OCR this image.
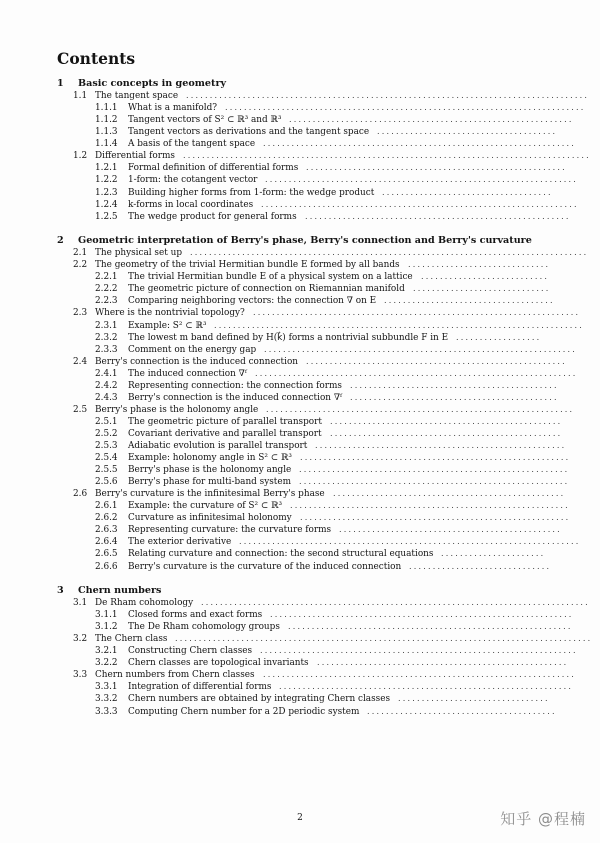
Contents
1 Basic concepts in geometry
1.1 The tangent space .....................................................................................
1.1.1 What is a manifold? ............................................................................
1.1.2 Tangent vectors of S² ⊂ ℝ³ and ℝ³ ............................................................
1.1.3 Tangent vectors as derivations and the tangent space ......................................
1.1.4 A basis of the tangent space ..................................................................
1.2 Differential forms ......................................................................................
1.2.1 Formal definition of differential forms .......................................................
1.2.2 1-form: the cotangent vector ..................................................................
1.2.3 Building higher forms from 1-form: the wedge product ....................................
1.2.4 k-forms in local coordinates ...................................................................
1.2.5 The wedge product for general forms ........................................................
2 Geometric interpretation of Berry's phase, Berry's connection and Berry's curvature
2.1 The physical set up ....................................................................................
2.2 The geometry of the trivial Hermitian bundle E formed by all bands ..............................
2.2.1 The trivial Hermitian bundle E of a physical system on a lattice ...........................
2.2.2 The geometric picture of connection on Riemannian manifold .............................
2.2.3 Comparing neighboring vectors: the connection ∇ on E ....................................
2.3 Where is the nontrivial topology? .....................................................................
2.3.1 Example: S² ⊂ ℝ³ ..............................................................................
2.3.2 The lowest m band defined by H(k⃗) forms a nontrivial subbundle F in E ..................
2.3.3 Comment on the energy gap ..................................................................
2.4 Berry's connection is the induced connection .......................................................
2.4.1 The induced connection ∇ᶠ ....................................................................
2.4.2 Representing connection: the connection forms ............................................
2.4.3 Berry's connection is the induced connection ∇ᶠ ............................................
2.5 Berry's phase is the holonomy angle .................................................................
2.5.1 The geometric picture of parallel transport .................................................
2.5.2 Covariant derivative and parallel transport .................................................
2.5.3 Adiabatic evolution is parallel transport .....................................................
2.5.4 Example: holonomy angle in S² ⊂ ℝ³ .........................................................
2.5.5 Berry's phase is the holonomy angle .........................................................
2.5.6 Berry's phase for multi-band system .........................................................
2.6 Berry's curvature is the infinitesimal Berry's phase .................................................
2.6.1 Example: the curvature of S² ⊂ ℝ³ ...........................................................
2.6.2 Curvature as infinitesimal holonomy .........................................................
2.6.3 Representing curvature: the curvature forms ...............................................
2.6.4 The exterior derivative ........................................................................
2.6.5 Relating curvature and connection: the second structural equations ......................
2.6.6 Berry's curvature is the curvature of the induced connection ..............................
3 Chern numbers
3.1 De Rham cohomology ..................................................................................
3.1.1 Closed forms and exact forms ................................................................
3.1.2 The De Rham cohomology groups ............................................................
3.2 The Chern class ........................................................................................
3.2.1 Constructing Chern classes ...................................................................
3.2.2 Chern classes are topological invariants .....................................................
3.3 Chern numbers from Chern classes ..................................................................
3.3.1 Integration of differential forms ..............................................................
3.3.2 Chern numbers are obtained by integrating Chern classes ................................
3.3.3 Computing Chern number for a 2D periodic system ........................................
2	知乎 @程楠
